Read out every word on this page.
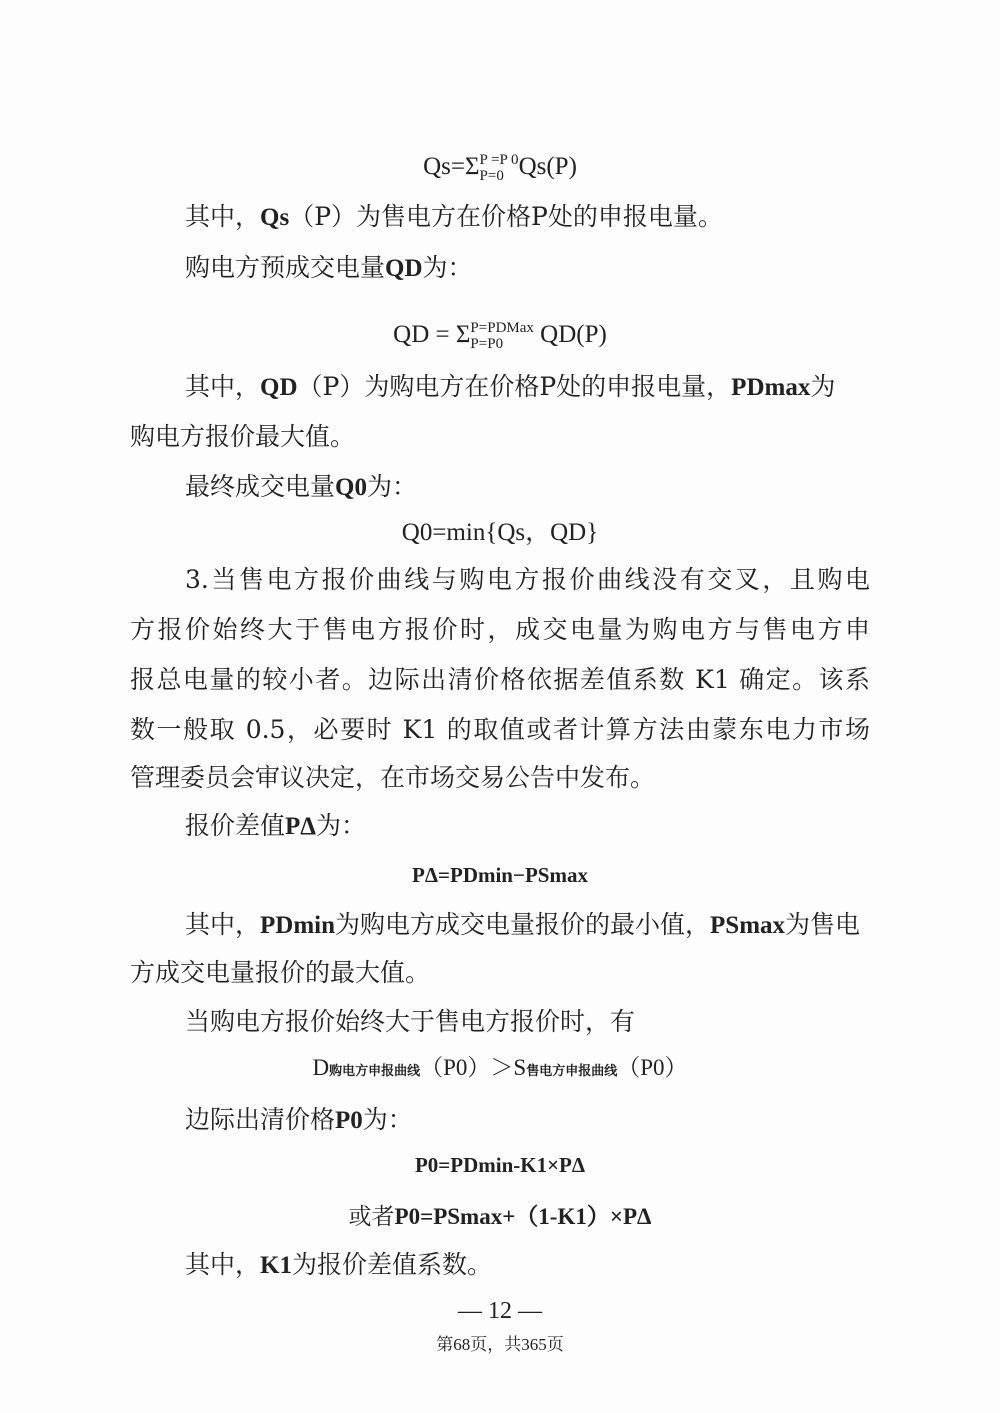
Qs=ΣP =P 0
P=0 Qs(P)
其中，Qs（P）为售电方在价格P处的申报电量。
购电方预成交电量QD为：
QD = ΣP=PDMax
P=P0 QD(P)
其中，QD（P）为购电方在价格P处的申报电量，PDmax为
购电方报价最大值。
最终成交电量Q0为：
Q0=min{Qs，QD}
3.当售电方报价曲线与购电方报价曲线没有交叉，且购电
方报价始终大于售电方报价时，成交电量为购电方与售电方申
报总电量的较小者。边际出清价格依据差值系数 K1 确定。该系
数一般取 0.5，必要时 K1 的取值或者计算方法由蒙东电力市场
管理委员会审议决定，在市场交易公告中发布。
报价差值PΔ为：
PΔ=PDmin−PSmax
其中，PDmin为购电方成交电量报价的最小值，PSmax为售电
方成交电量报价的最大值。
当购电方报价始终大于售电方报价时，有
D购电方申报曲线（P0）＞S售电方申报曲线（P0）
边际出清价格P0为：
P0=PDmin-K1×PΔ
或者P0=PSmax+（1-K1）×PΔ
其中，K1为报价差值系数。
— 12 —
第68页，共365页
